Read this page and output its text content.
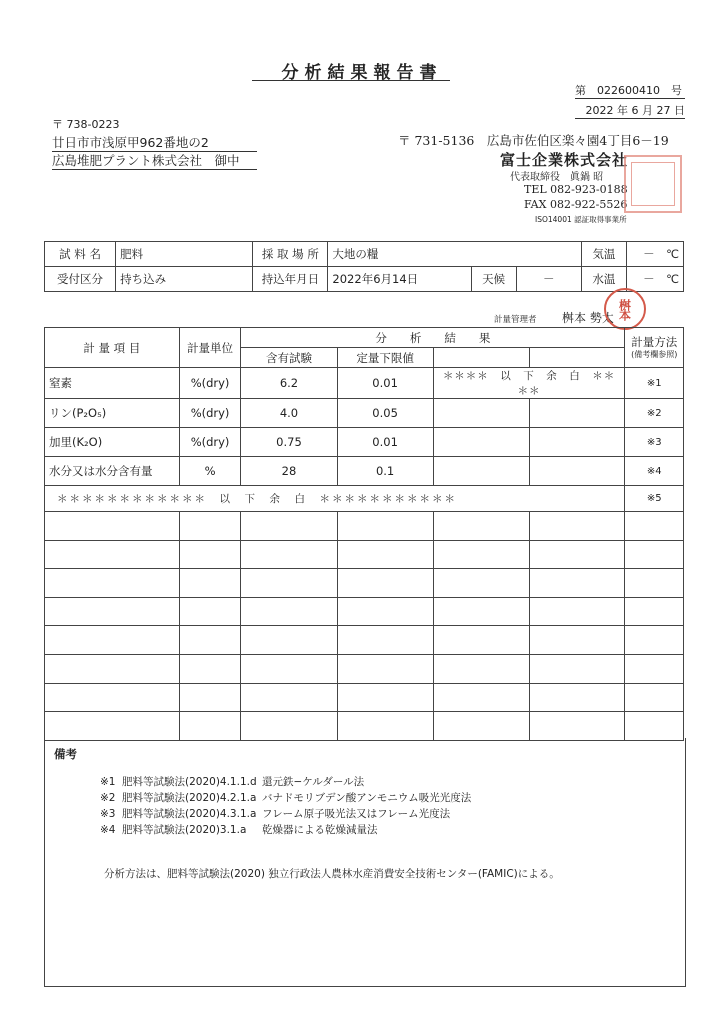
分析結果報告書
第　022600410　号
2022 年 6 月 27 日
〒 738-0223
廿日市市浅原甲962番地の2
広島堆肥プラント株式会社　御中
〒 731-5136　広島市佐伯区楽々園4丁目6－19
富士企業株式会社
代表取締役　眞鍋 昭
TEL 082-923-0188
FAX 082-922-5526
ISO14001 認証取得事業所
試 料 名	肥料	採 取 場 所	大地の糧			気温	－　℃
受付区分	持ち込み	持込年月日	2022年6月14日	天候	－	水温	－　℃
計量管理者 桝本 勢太 桝本
計 量 項 目	計量単位	分　　析　　結　　果				計量方法
(備考欄参照)

		含有試験	定量下限値			
窒素	%(dry)	6.2	0.01	＊＊＊＊　以　下　余　白　＊＊＊＊		※1
リン(P₂O₅)	%(dry)	4.0	0.05			※2
加里(K₂O)	%(dry)	0.75	0.01			※3
水分又は水分含有量	%	28	0.1			※4
＊＊＊＊＊＊＊＊＊＊＊＊　以　下　余　白　＊＊＊＊＊＊＊＊＊＊＊						※5

備考
※1 肥料等試験法(2020)4.1.1.d 還元鉄−ケルダール法
※2 肥料等試験法(2020)4.2.1.a バナドモリブデン酸アンモニウム吸光光度法
※3 肥料等試験法(2020)4.3.1.a フレーム原子吸光法又はフレーム光度法
※4 肥料等試験法(2020)3.1.a	乾燥器による乾燥減量法
分析方法は、肥料等試験法(2020) 独立行政法人農林水産消費安全技術センター(FAMIC)による。
